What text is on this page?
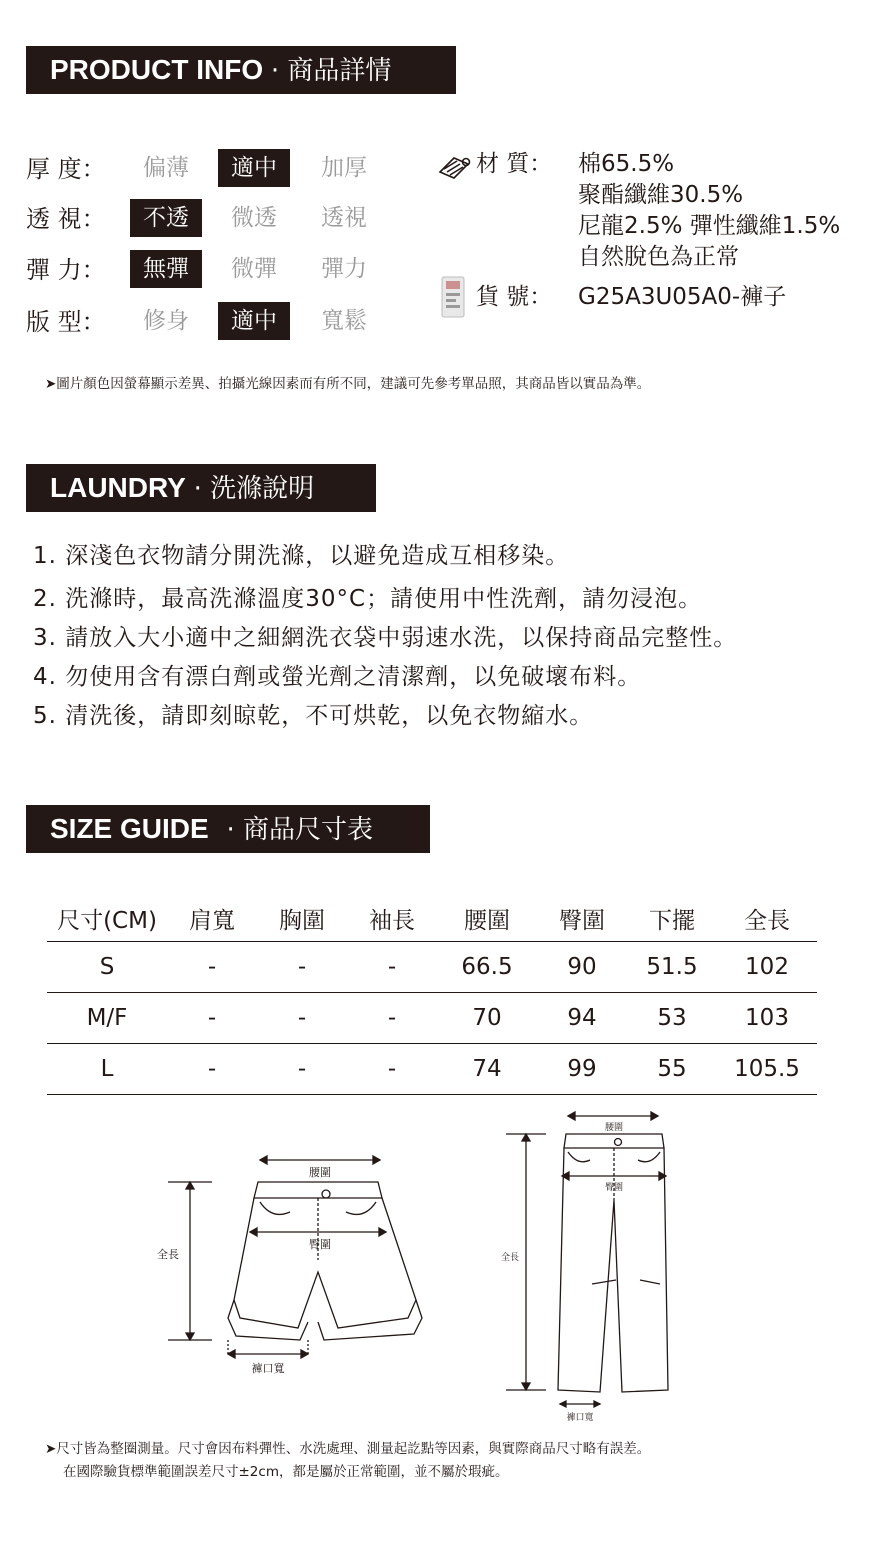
PRODUCT INFO · 商品詳情
厚 度：	偏薄	適中	加厚
透 視：	不透	微透	透視
彈 力：	無彈	微彈	彈力
版 型：	修身	適中	寬鬆
材 質： 棉65.5%
聚酯纖維30.5%
尼龍2.5% 彈性纖維1.5%
自然脫色為正常
貨 號： G25A3U05A0-褲子
➤圖片顏色因螢幕顯示差異、拍攝光線因素而有所不同，建議可先參考單品照，其商品皆以實品為準。
LAUNDRY · 洗滌說明
1. 深淺色衣物請分開洗滌，以避免造成互相移染。
2. 洗滌時，最高洗滌溫度30°C；請使用中性洗劑，請勿浸泡。
3. 請放入大小適中之細網洗衣袋中弱速水洗，以保持商品完整性。
4. 勿使用含有漂白劑或螢光劑之清潔劑，以免破壞布料。
5. 清洗後，請即刻晾乾，不可烘乾，以免衣物縮水。
SIZE GUIDE · 商品尺寸表
尺寸(CM)	肩寬	胸圍	袖長	腰圍	臀圍	下擺	全長
S	-	-	-	66.5	90	51.5	102
M/F	-	-	-	70	94	53	103
L	-	-	-	74	99	55	105.5
腰圍
臀圍
全長
褲口寬
腰圍
臀圍
全長
褲口寬
➤尺寸皆為整圈測量。尺寸會因布料彈性、水洗處理、測量起訖點等因素，與實際商品尺寸略有誤差。
在國際驗貨標準範圍誤差尺寸±2cm，都是屬於正常範圍，並不屬於瑕疵。
